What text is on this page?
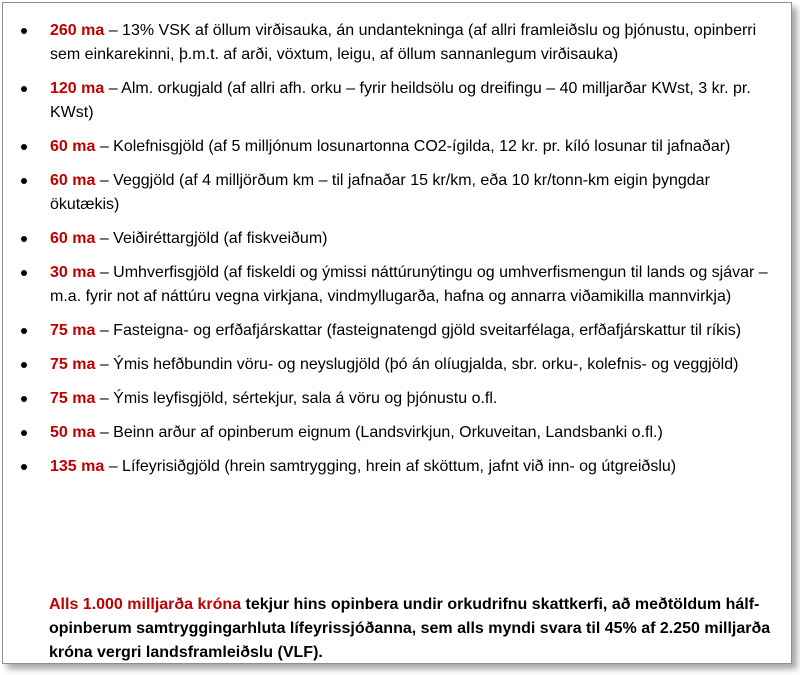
260 ma – 13% VSK af öllum virðisauka, án undantekninga (af allri framleiðslu og þjónustu, opinberri sem einkarekinni, þ.m.t. af arði, vöxtum, leigu, af öllum sannanlegum virðisauka)
120 ma – Alm. orkugjald (af allri afh. orku – fyrir heildsölu og dreifingu – 40 milljarðar KWst, 3 kr. pr. KWst)
60 ma – Kolefnisgjöld (af 5 milljónum losunartonna CO2-ígilda, 12 kr. pr. kíló losunar til jafnaðar)
60 ma – Veggjöld (af 4 milljörðum km – til jafnaðar 15 kr/km, eða 10 kr/tonn-km eigin þyngdar ökutækis)
60 ma – Veiðiréttargjöld (af fiskveiðum)
30 ma – Umhverfisgjöld (af fiskeldi og ýmissi náttúrunýtingu og umhverfismengun til lands og sjávar – m.a. fyrir not af náttúru vegna virkjana, vindmyllugarða, hafna og annarra viðamikilla mannvirkja)
75 ma – Fasteigna- og erfðafjárskattar (fasteignatengd gjöld sveitarfélaga, erfðafjárskattur til ríkis)
75 ma – Ýmis hefðbundin vöru- og neyslugjöld (þó án olíugjalda, sbr. orku-, kolefnis- og veggjöld)
75 ma – Ýmis leyfisgjöld, sértekjur, sala á vöru og þjónustu o.fl.
50 ma – Beinn arður af opinberum eignum (Landsvirkjun, Orkuveitan, Landsbanki o.fl.)
135 ma – Lífeyrisiðgjöld (hrein samtrygging, hrein af sköttum, jafnt við inn- og útgreiðslu)

Alls 1.000 milljarða króna tekjur hins opinbera undir orkudrifnu skattkerfi, að meðtöldum hálf-opinberum samtryggingarhluta lífeyrissjóðanna, sem alls myndi svara til 45% af 2.250 milljarða króna vergri landsframleiðslu (VLF).
